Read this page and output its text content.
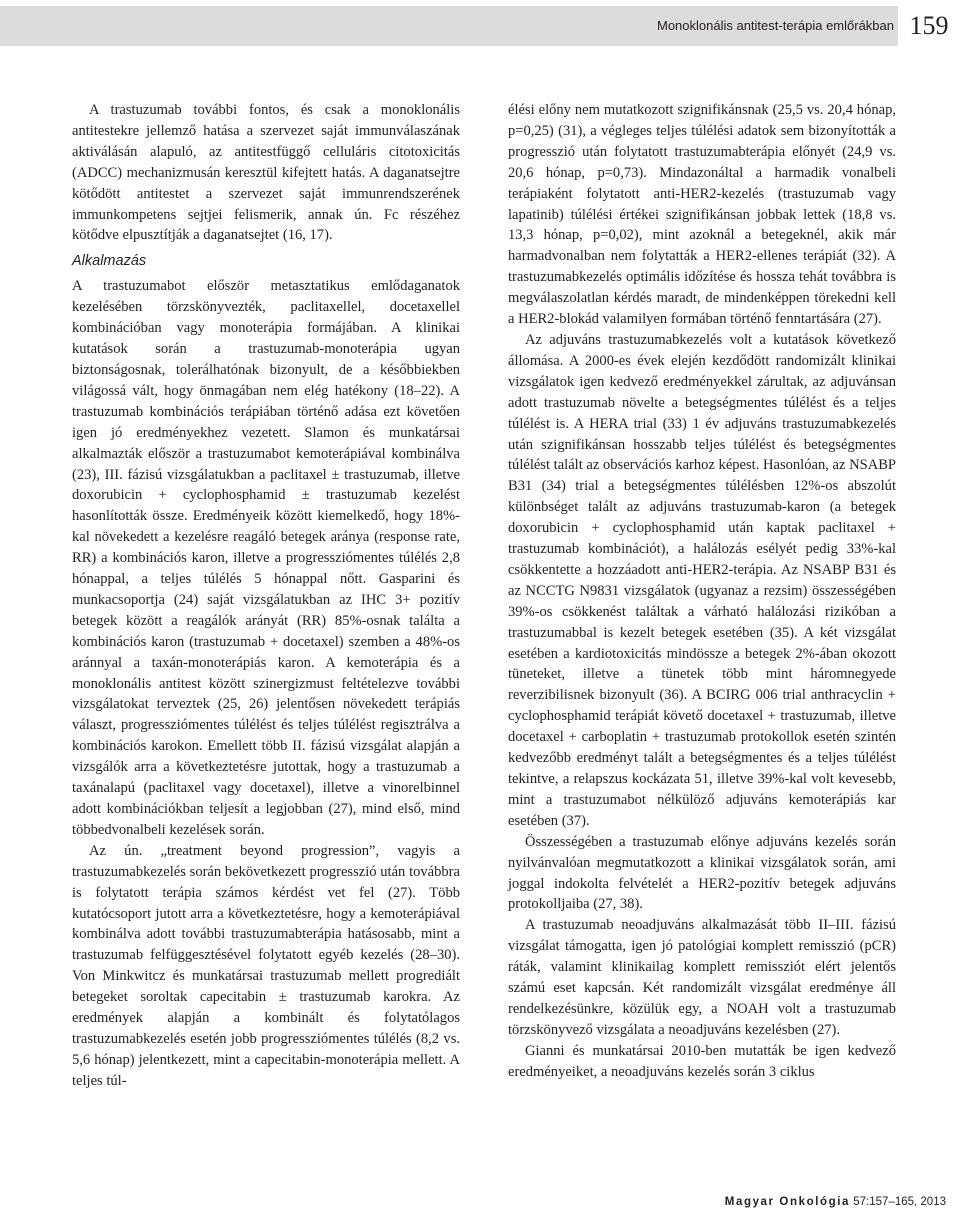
Monoklonális antitest-terápia emlőrákban 159

A trastuzumab további fontos, és csak a monoklonális antitestekre jellemző hatása a szervezet saját immunválaszának aktiválásán alapuló, az antitestfüggő celluláris citotoxicitás (ADCC) mechanizmusán keresztül kifejtett hatás. A daganatsejtre kötődött antitestet a szervezet saját immunrendszerének immunkompetens sejtjei felismerik, annak ún. Fc részéhez kötődve elpusztítják a daganatsejtet (16, 17).

Alkalmazás

A trastuzumabot először metasztatikus emlődaganatok kezelésében törzskönyvezték, paclitaxellel, docetaxellel kombinációban vagy monoterápia formájában. A klinikai kutatások során a trastuzumab-monoterápia ugyan biztonságosnak, tolerálhatónak bizonyult, de a későbbiekben világossá vált, hogy önmagában nem elég hatékony (18–22). A trastuzumab kombinációs terápiában történő adása ezt követően igen jó eredményekhez vezetett. Slamon és munkatársai alkalmazták először a trastuzumabot kemoterápiával kombinálva (23), III. fázisú vizsgálatukban a paclitaxel ± trastuzumab, illetve doxorubicin + cyclophosphamid ± trastuzumab kezelést hasonlították össze. Eredményeik között kiemelkedő, hogy 18%-kal növekedett a kezelésre reagáló betegek aránya (response rate, RR) a kombinációs karon, illetve a progressziómentes túlélés 2,8 hónappal, a teljes túlélés 5 hónappal nőtt. Gasparini és munkacsoportja (24) saját vizsgálatukban az IHC 3+ pozitív betegek között a reagálók arányát (RR) 85%-osnak találta a kombinációs karon (trastuzumab + docetaxel) szemben a 48%-os aránnyal a taxán-monoterápiás karon. A kemoterápia és a monoklonális antitest között szinergizmust feltételezve további vizsgálatokat terveztek (25, 26) jelentősen növekedett terápiás választ, progressziómentes túlélést és teljes túlélést regisztrálva a kombinációs karokon. Emellett több II. fázisú vizsgálat alapján a vizsgálók arra a következtetésre jutottak, hogy a trastuzumab a taxánalapú (paclitaxel vagy docetaxel), illetve a vinorelbinnel adott kombinációkban teljesít a legjobban (27), mind első, mind többedvonalbeli kezelések során.

Az ún. „treatment beyond progression”, vagyis a trastuzumabkezelés során bekövetkezett progresszió után továbbra is folytatott terápia számos kérdést vet fel (27). Több kutatócsoport jutott arra a következtetésre, hogy a kemoterápiával kombinálva adott további trastuzumabterápia hatásosabb, mint a trastuzumab felfüggesztésével folytatott egyéb kezelés (28–30). Von Minkwitcz és munkatársai trastuzumab mellett progrediált betegeket soroltak capecitabin ± trastuzumab karokra. Az eredmények alapján a kombinált és folytatólagos trastuzumabkezelés esetén jobb progressziómentes túlélés (8,2 vs. 5,6 hónap) jelentkezett, mint a capecitabin-monoterápia mellett. A teljes túl-

élési előny nem mutatkozott szignifikánsnak (25,5 vs. 20,4 hónap, p=0,25) (31), a végleges teljes túlélési adatok sem bizonyították a progresszió után folytatott trastuzumabterápia előnyét (24,9 vs. 20,6 hónap, p=0,73). Mindazonáltal a harmadik vonalbeli terápiaként folytatott anti-HER2-kezelés (trastuzumab vagy lapatinib) túlélési értékei szignifikánsan jobbak lettek (18,8 vs. 13,3 hónap, p=0,02), mint azoknál a betegeknél, akik már harmadvonalban nem folytatták a HER2-ellenes terápiát (32). A trastuzumabkezelés optimális időzítése és hossza tehát továbbra is megválaszolatlan kérdés maradt, de mindenképpen törekedni kell a HER2-blokád valamilyen formában történő fenntartására (27).

Az adjuváns trastuzumabkezelés volt a kutatások következő állomása. A 2000-es évek elején kezdődött randomizált klinikai vizsgálatok igen kedvező eredményekkel zárultak, az adjuvánsan adott trastuzumab növelte a betegségmentes túlélést és a teljes túlélést is. A HERA trial (33) 1 év adjuváns trastuzumabkezelés után szignifikánsan hosszabb teljes túlélést és betegségmentes túlélést talált az observációs karhoz képest. Hasonlóan, az NSABP B31 (34) trial a betegségmentes túlélésben 12%-os abszolút különbséget talált az adjuváns trastuzumab-karon (a betegek doxorubicin + cyclophosphamid után kaptak paclitaxel + trastuzumab kombinációt), a halálozás esélyét pedig 33%-kal csökkentette a hozzáadott anti-HER2-terápia. Az NSABP B31 és az NCCTG N9831 vizsgálatok (ugyanaz a rezsim) összességében 39%-os csökkenést találtak a várható halálozási rizikóban a trastuzumabbal is kezelt betegek esetében (35). A két vizsgálat esetében a kardiotoxicitás mindössze a betegek 2%-ában okozott tüneteket, illetve a tünetek több mint háromnegyede reverzibilisnek bizonyult (36). A BCIRG 006 trial anthracyclin + cyclophosphamid terápiát követő docetaxel + trastuzumab, illetve docetaxel + carboplatin + trastuzumab protokollok esetén szintén kedvezőbb eredményt talált a betegségmentes és a teljes túlélést tekintve, a relapszus kockázata 51, illetve 39%-kal volt kevesebb, mint a trastuzumabot nélkülöző adjuváns kemoterápiás kar esetében (37).

Összességében a trastuzumab előnye adjuváns kezelés során nyilvánvalóan megmutatkozott a klinikai vizsgálatok során, ami joggal indokolta felvételét a HER2-pozitív betegek adjuváns protokolljaiba (27, 38).

A trastuzumab neoadjuváns alkalmazását több II–III. fázisú vizsgálat támogatta, igen jó patológiai komplett remisszió (pCR) ráták, valamint klinikailag komplett remissziót elért jelentős számú eset kapcsán. Két randomizált vizsgálat eredménye áll rendelkezésünkre, közülük egy, a NOAH volt a trastuzumab törzskönyvező vizsgálata a neoadjuváns kezelésben (27).

Gianni és munkatársai 2010-ben mutatták be igen kedvező eredményeiket, a neoadjuváns kezelés során 3 ciklus

Magyar Onkológia 57:157–165, 2013
